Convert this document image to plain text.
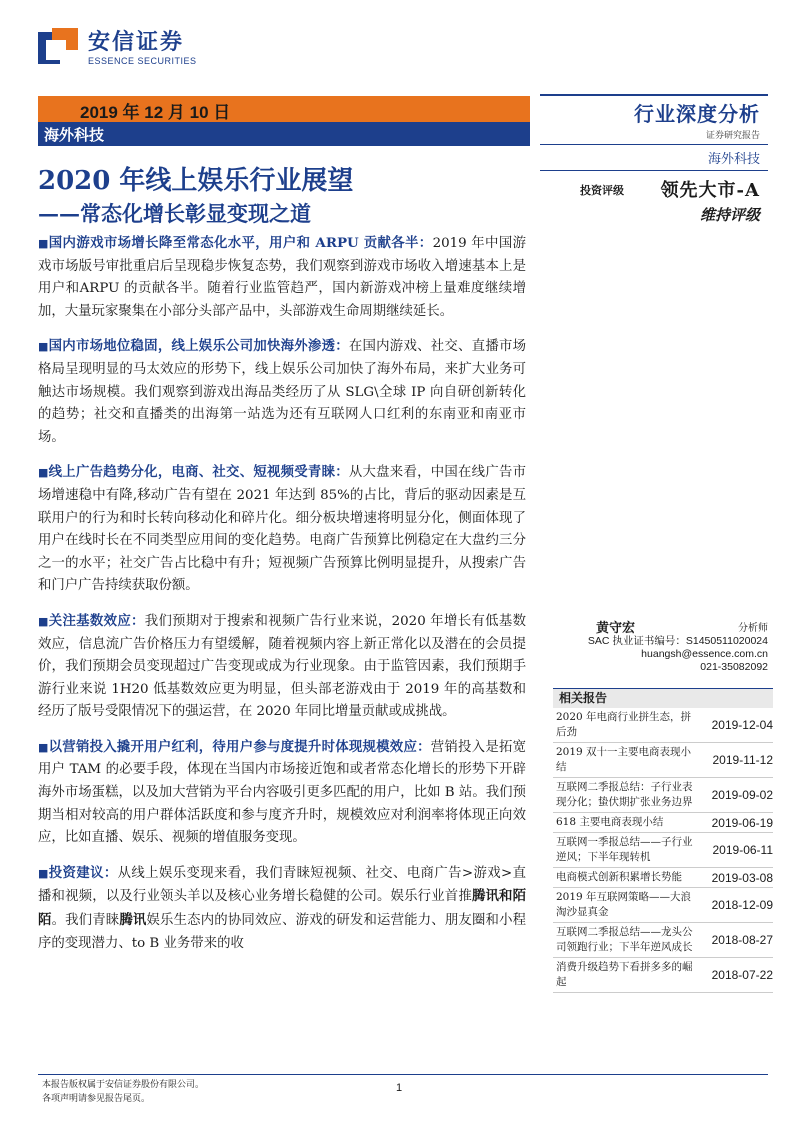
安信证券
ESSENCE SECURITIES
2019 年 12 月 10 日
海外科技
2020 年线上娱乐行业展望
——常态化增长彰显变现之道
行业深度分析
证券研究报告
海外科技
投资评级 领先大市-A
维持评级

■国内游戏市场增长降至常态化水平，用户和 ARPU 贡献各半：2019 年中国游戏市场版号审批重启后呈现稳步恢复态势，我们观察到游戏市场收入增速基本上是用户和ARPU 的贡献各半。随着行业监管趋严，国内新游戏冲榜上量难度继续增加，大量玩家聚集在小部分头部产品中，头部游戏生命周期继续延长。

■国内市场地位稳固，线上娱乐公司加快海外渗透：在国内游戏、社交、直播市场格局呈现明显的马太效应的形势下，线上娱乐公司加快了海外布局，来扩大业务可触达市场规模。我们观察到游戏出海品类经历了从 SLG\全球 IP 向自研创新转化的趋势；社交和直播类的出海第一站选为还有互联网人口红利的东南亚和南亚市场。

■线上广告趋势分化，电商、社交、短视频受青睐：从大盘来看，中国在线广告市场增速稳中有降,移动广告有望在 2021 年达到 85%的占比，背后的驱动因素是互联用户的行为和时长转向移动化和碎片化。细分板块增速将明显分化，侧面体现了用户在线时长在不同类型应用间的变化趋势。电商广告预算比例稳定在大盘约三分之一的水平；社交广告占比稳中有升；短视频广告预算比例明显提升，从搜索广告和门户广告持续获取份额。

■关注基数效应：我们预期对于搜索和视频广告行业来说，2020 年增长有低基数效应，信息流广告价格压力有望缓解，随着视频内容上新正常化以及潜在的会员提价，我们预期会员变现超过广告变现或成为行业现象。由于监管因素，我们预期手游行业来说 1H20 低基数效应更为明显，但头部老游戏由于 2019 年的高基数和经历了版号受限情况下的强运营，在 2020 年同比增量贡献或成挑战。

■以营销投入撬开用户红利，待用户参与度提升时体现规模效应：营销投入是拓宽用户 TAM 的必要手段，体现在当国内市场接近饱和或者常态化增长的形势下开辟海外市场蛋糕，以及加大营销为平台内容吸引更多匹配的用户，比如 B 站。我们预期当相对较高的用户群体活跃度和参与度齐升时，规模效应对利润率将体现正向效应，比如直播、娱乐、视频的增值服务变现。

■投资建议：从线上娱乐变现来看，我们青睐短视频、社交、电商广告>游戏>直播和视频，以及行业领头羊以及核心业务增长稳健的公司。娱乐行业首推腾讯和陌陌。我们青睐腾讯娱乐生态内的协同效应、游戏的研发和运营能力、朋友圈和小程序的变现潜力、to B 业务带来的收

黄守宏	分析师
SAC 执业证书编号：S1450511020024
huangsh@essence.com.cn
021-35082092
相关报告
2020 年电商行业拼生态，拼后劲	2019-12-04
2019 双十一主要电商表现小结	2019-11-12
互联网二季报总结：子行业表现分化；蛰伏期扩张业务边界 2019-09-02
618 主要电商表现小结	2019-06-19
互联网一季报总结——子行业逆风；下半年现转机	2019-06-11
电商模式创新积累增长势能	2019-03-08
2019 年互联网策略——大浪淘沙显真金	2018-12-09
互联网二季报总结——龙头公司领跑行业；下半年逆风成长 2018-08-27
消费升级趋势下看拼多多的崛起	2018-07-22
本报告版权属于安信证券股份有限公司。
各项声明请参见报告尾页。
1
